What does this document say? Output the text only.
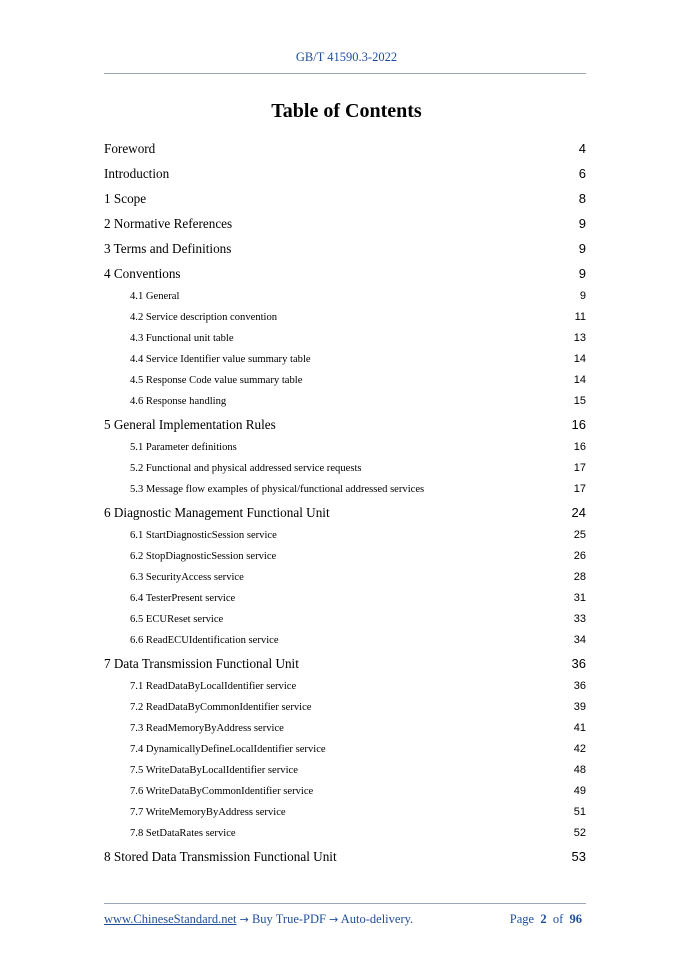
GB/T 41590.3-2022
Table of Contents
Foreword .....	4
Introduction .....	6
1 Scope .....	8
2 Normative References .....	9
3 Terms and Definitions .....	9
4 Conventions .....	9
4.1 General .....	9
4.2 Service description convention .....	11
4.3 Functional unit table .....	13
4.4 Service Identifier value summary table .....	14
4.5 Response Code value summary table .....	14
4.6 Response handling .....	15
5 General Implementation Rules .....	16
5.1 Parameter definitions .....	16
5.2 Functional and physical addressed service requests .....	17
5.3 Message flow examples of physical/functional addressed services .....	17
6 Diagnostic Management Functional Unit .....	24
6.1 StartDiagnosticSession service .....	25
6.2 StopDiagnosticSession service .....	26
6.3 SecurityAccess service .....	28
6.4 TesterPresent service .....	31
6.5 ECUReset service .....	33
6.6 ReadECUIdentification service .....	34
7 Data Transmission Functional Unit .....	36
7.1 ReadDataByLocalIdentifier service .....	36
7.2 ReadDataByCommonIdentifier service .....	39
7.3 ReadMemoryByAddress service .....	41
7.4 DynamicallyDefineLocalIdentifier service .....	42
7.5 WriteDataByLocalIdentifier service .....	48
7.6 WriteDataByCommonIdentifier service .....	49
7.7 WriteMemoryByAddress service .....	51
7.8 SetDataRates service .....	52
8 Stored Data Transmission Functional Unit .....	53
www.ChineseStandard.net → Buy True-PDF → Auto-delivery.	Page 2 of 96
